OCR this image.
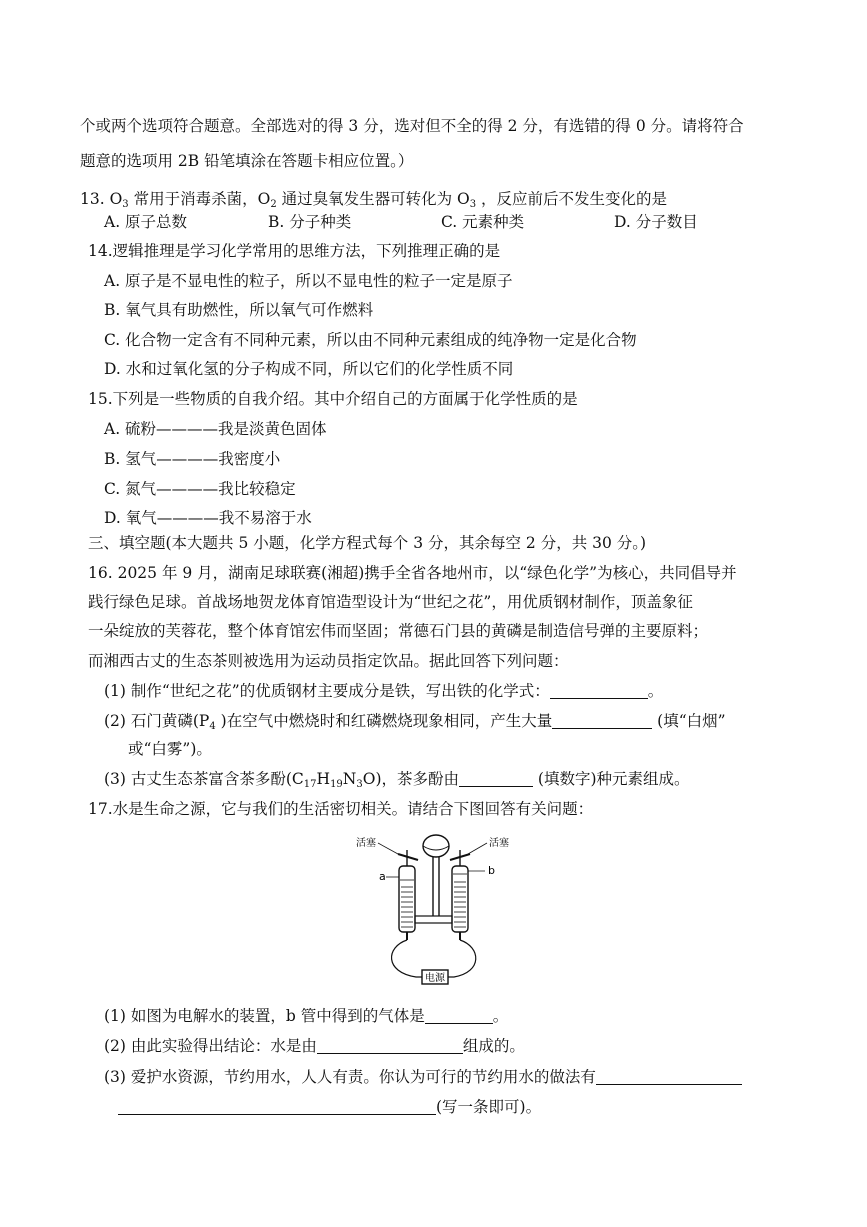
个或两个选项符合题意。全部选对的得 3 分，选对但不全的得 2 分，有选错的得 0 分。请将符合
题意的选项用 2B 铅笔填涂在答题卡相应位置。）
13. $O_3$ 常用于消毒杀菌，$O_2$ 通过臭氧发生器可转化为 $O_3$ ，反应前后不发生变化的是
A. 原子总数	B. 分子种类	C. 元素种类	D. 分子数目
14.逻辑推理是学习化学常用的思维方法，下列推理正确的是
A. 原子是不显电性的粒子，所以不显电性的粒子一定是原子
B. 氧气具有助燃性，所以氧气可作燃料
C. 化合物一定含有不同种元素，所以由不同种元素组成的纯净物一定是化合物
D. 水和过氧化氢的分子构成不同，所以它们的化学性质不同
15.下列是一些物质的自我介绍。其中介绍自己的方面属于化学性质的是
A. 硫粉————我是淡黄色固体
B. 氢气————我密度小
C. 氮气————我比较稳定
D. 氧气————我不易溶于水
三、填空题(本大题共 5 小题，化学方程式每个 3 分，其余每空 2 分，共 30 分。)
16. 2025 年 9 月，湖南足球联赛(湘超)携手全省各地州市，以“绿色化学”为核心，共同倡导并
践行绿色足球。首战场地贺龙体育馆造型设计为“世纪之花”，用优质钢材制作，顶盖象征
一朵绽放的芙蓉花，整个体育馆宏伟而坚固；常德石门县的黄磷是制造信号弹的主要原料；
而湘西古丈的生态茶则被选用为运动员指定饮品。据此回答下列问题：
(1) 制作“世纪之花”的优质钢材主要成分是铁，写出铁的化学式：	。
(2) 石门黄磷($P_4$ )在空气中燃烧时和红磷燃烧现象相同，产生大量	(填“白烟”
或“白雾”)。
(3) 古丈生态茶富含茶多酚$(C_{17}H_{19}N_3O)$，茶多酚由	(填数字)种元素组成。
17.水是生命之源，它与我们的生活密切相关。请结合下图回答有关问题：
电源
活塞	活塞
a	b
(1) 如图为电解水的装置，b 管中得到的气体是	。
(2) 由此实验得出结论：水是由	组成的。
(3) 爱护水资源，节约用水，人人有责。你认为可行的节约用水的做法有
(写一条即可)。
